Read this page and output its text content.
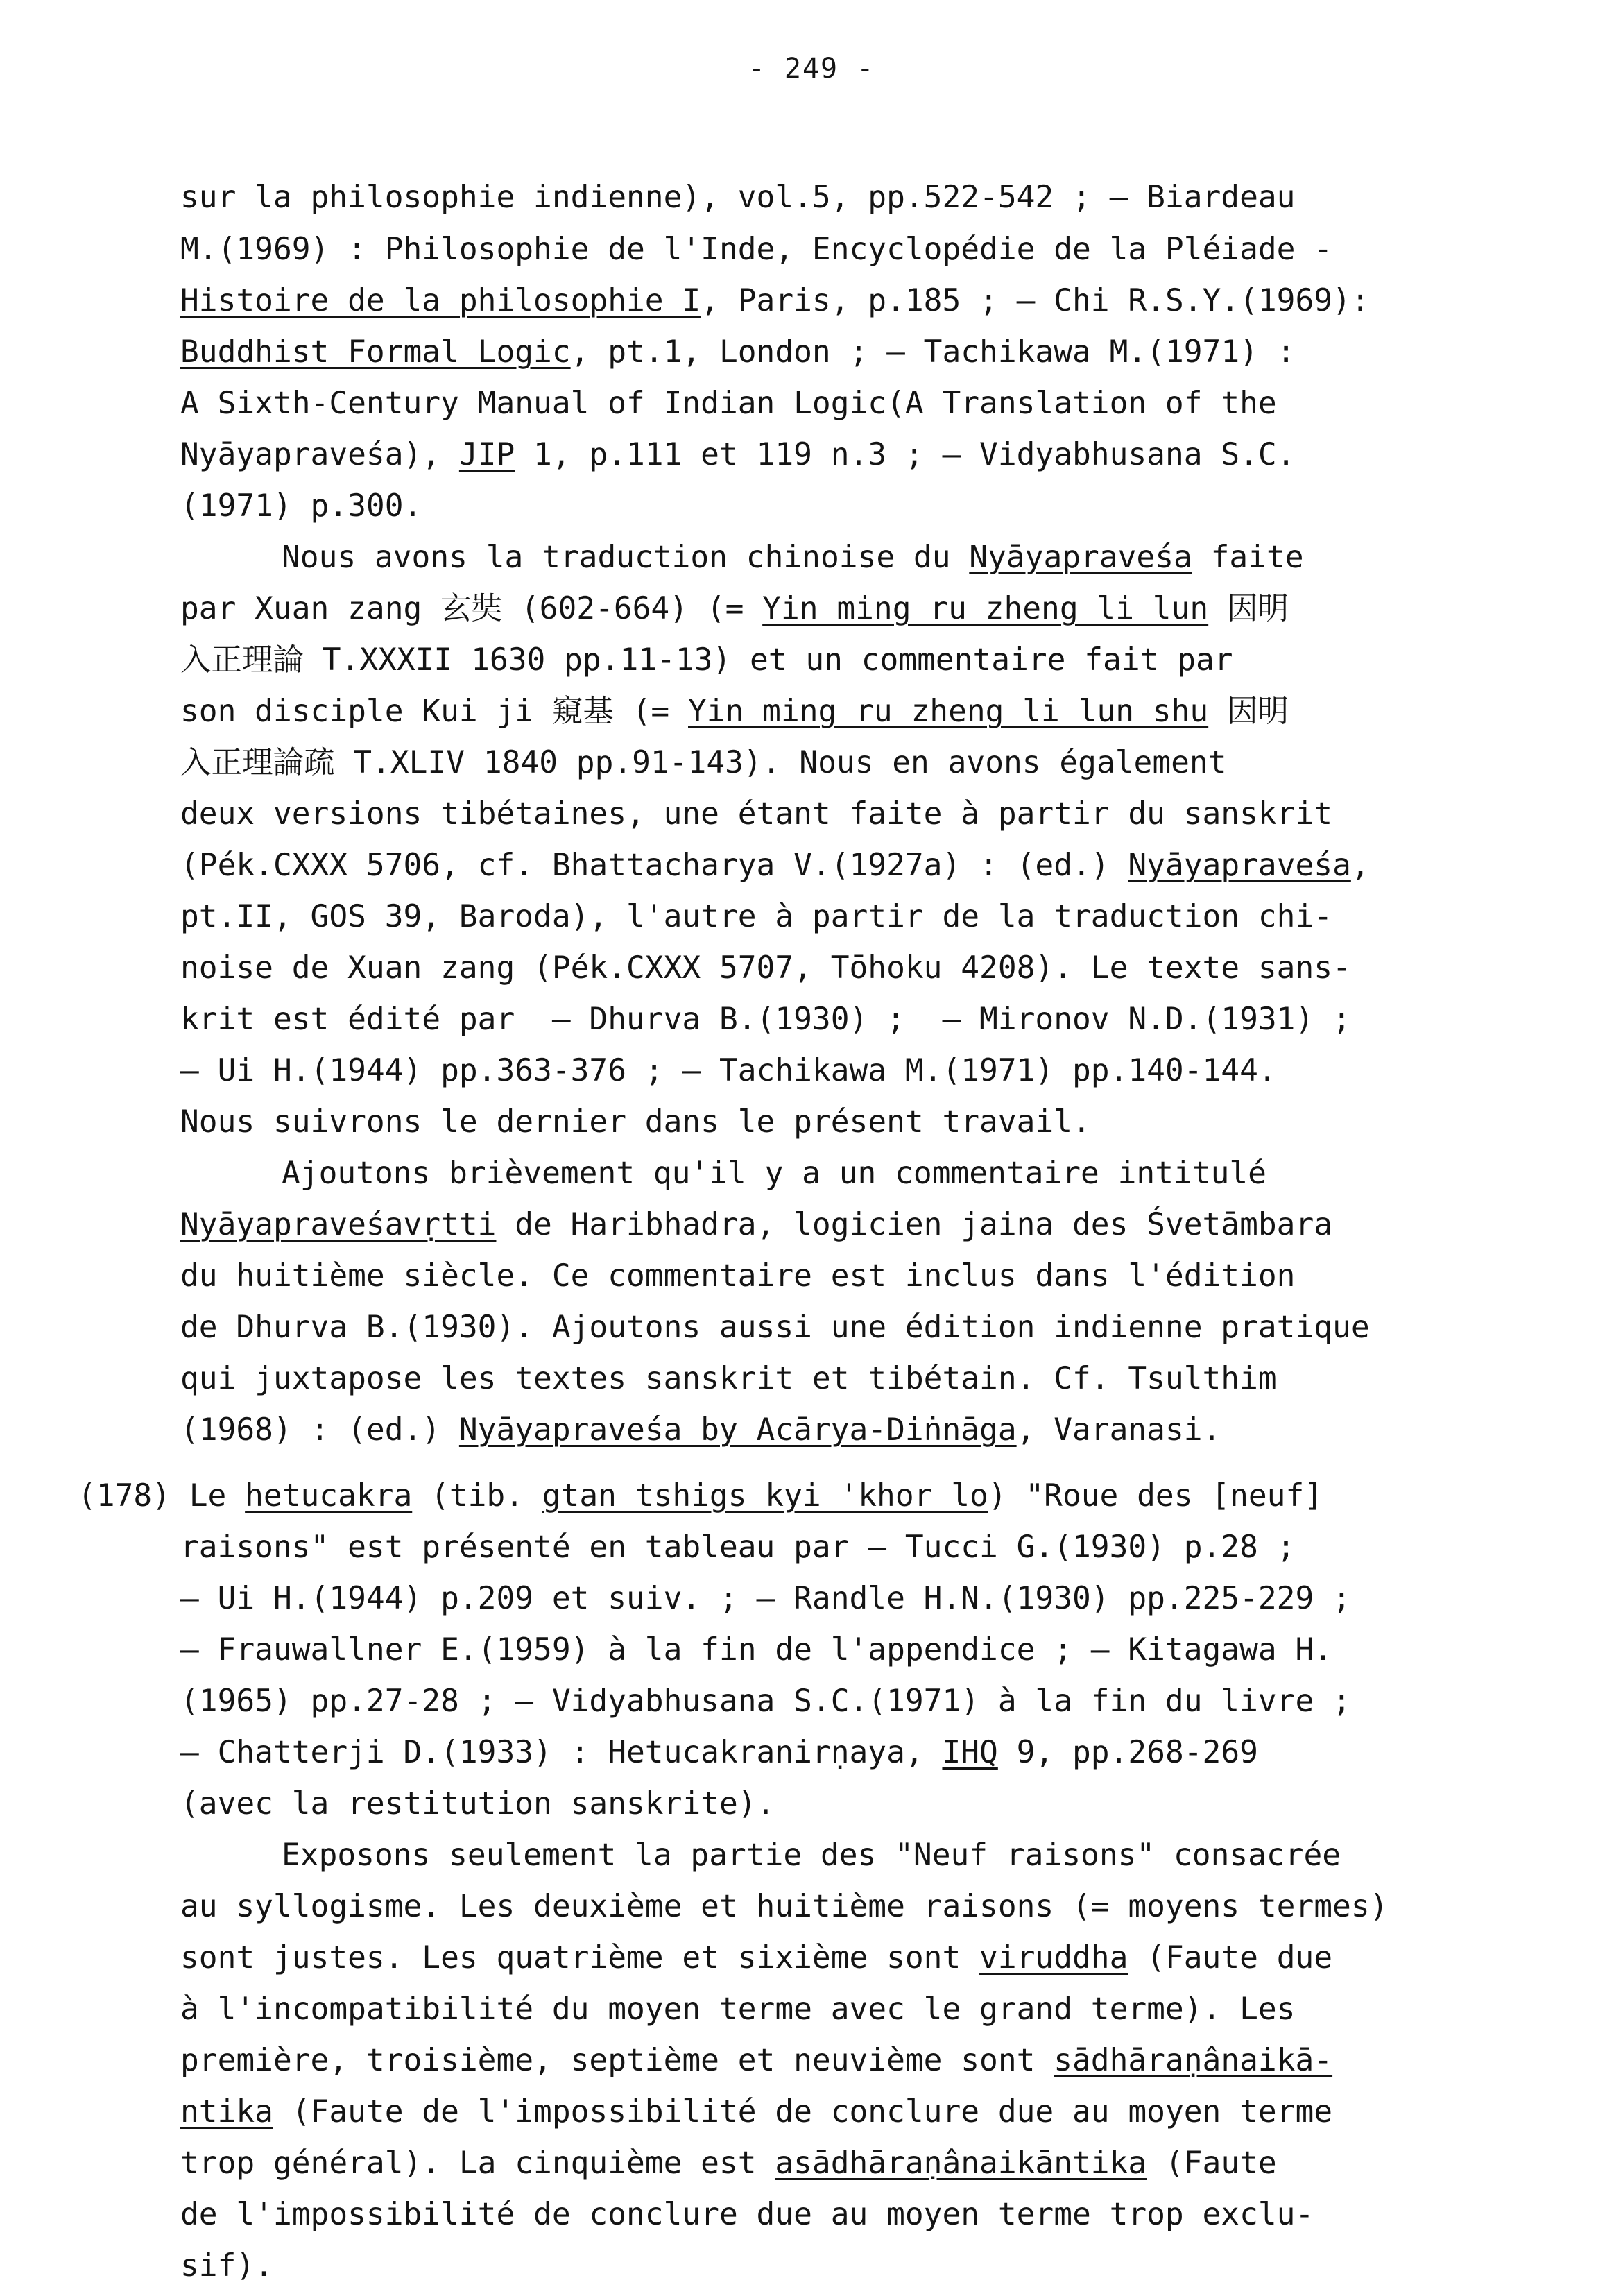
- 249 -
sur la philosophie indienne), vol.5, pp.522-542 ; — Biardeau
M.(1969) : Philosophie de l'Inde, Encyclopédie de la Pléiade -
Histoire de la philosophie I, Paris, p.185 ; — Chi R.S.Y.(1969):
Buddhist Formal Logic, pt.1, London ; — Tachikawa M.(1971) :
A Sixth-Century Manual of Indian Logic(A Translation of the
Nyāyapraveśa), JIP 1, p.111 et 119 n.3 ; — Vidyabhusana S.C.
(1971) p.300.
Nous avons la traduction chinoise du Nyāyapraveśa faite
par Xuan zang 玄奘 (602-664) (= Yin ming ru zheng li lun 因明
入正理論 T.XXXII 1630 pp.11-13) et un commentaire fait par
son disciple Kui ji 窺基 (= Yin ming ru zheng li lun shu 因明
入正理論疏 T.XLIV 1840 pp.91-143). Nous en avons également
deux versions tibétaines, une étant faite à partir du sanskrit
(Pék.CXXX 5706, cf. Bhattacharya V.(1927a) : (ed.) Nyāyapraveśa,
pt.II, GOS 39, Baroda), l'autre à partir de la traduction chi-
noise de Xuan zang (Pék.CXXX 5707, Tōhoku 4208). Le texte sans-
krit est édité par  — Dhurva B.(1930) ;  — Mironov N.D.(1931) ;
— Ui H.(1944) pp.363-376 ; — Tachikawa M.(1971) pp.140-144.
Nous suivrons le dernier dans le présent travail.
Ajoutons brièvement qu'il y a un commentaire intitulé
Nyāyapraveśavṛtti de Haribhadra, logicien jaina des Śvetāmbara
du huitième siècle. Ce commentaire est inclus dans l'édition
de Dhurva B.(1930). Ajoutons aussi une édition indienne pratique
qui juxtapose les textes sanskrit et tibétain. Cf. Tsulthim
(1968) : (ed.) Nyāyapraveśa by Acārya-Diṅnāga, Varanasi.
(178) Le hetucakra (tib. gtan tshigs kyi 'khor lo) "Roue des [neuf]
raisons" est présenté en tableau par — Tucci G.(1930) p.28 ;
— Ui H.(1944) p.209 et suiv. ; — Randle H.N.(1930) pp.225-229 ;
— Frauwallner E.(1959) à la fin de l'appendice ; — Kitagawa H.
(1965) pp.27-28 ; — Vidyabhusana S.C.(1971) à la fin du livre ;
— Chatterji D.(1933) : Hetucakranirṇaya, IHQ 9, pp.268-269
(avec la restitution sanskrite).
Exposons seulement la partie des "Neuf raisons" consacrée
au syllogisme. Les deuxième et huitième raisons (= moyens termes)
sont justes. Les quatrième et sixième sont viruddha (Faute due
à l'incompatibilité du moyen terme avec le grand terme). Les
première, troisième, septième et neuvième sont sādhāraṇânaikā-
ntika (Faute de l'impossibilité de conclure due au moyen terme
trop général). La cinquième est asādhāraṇânaikāntika (Faute
de l'impossibilité de conclure due au moyen terme trop exclu-
sif).
